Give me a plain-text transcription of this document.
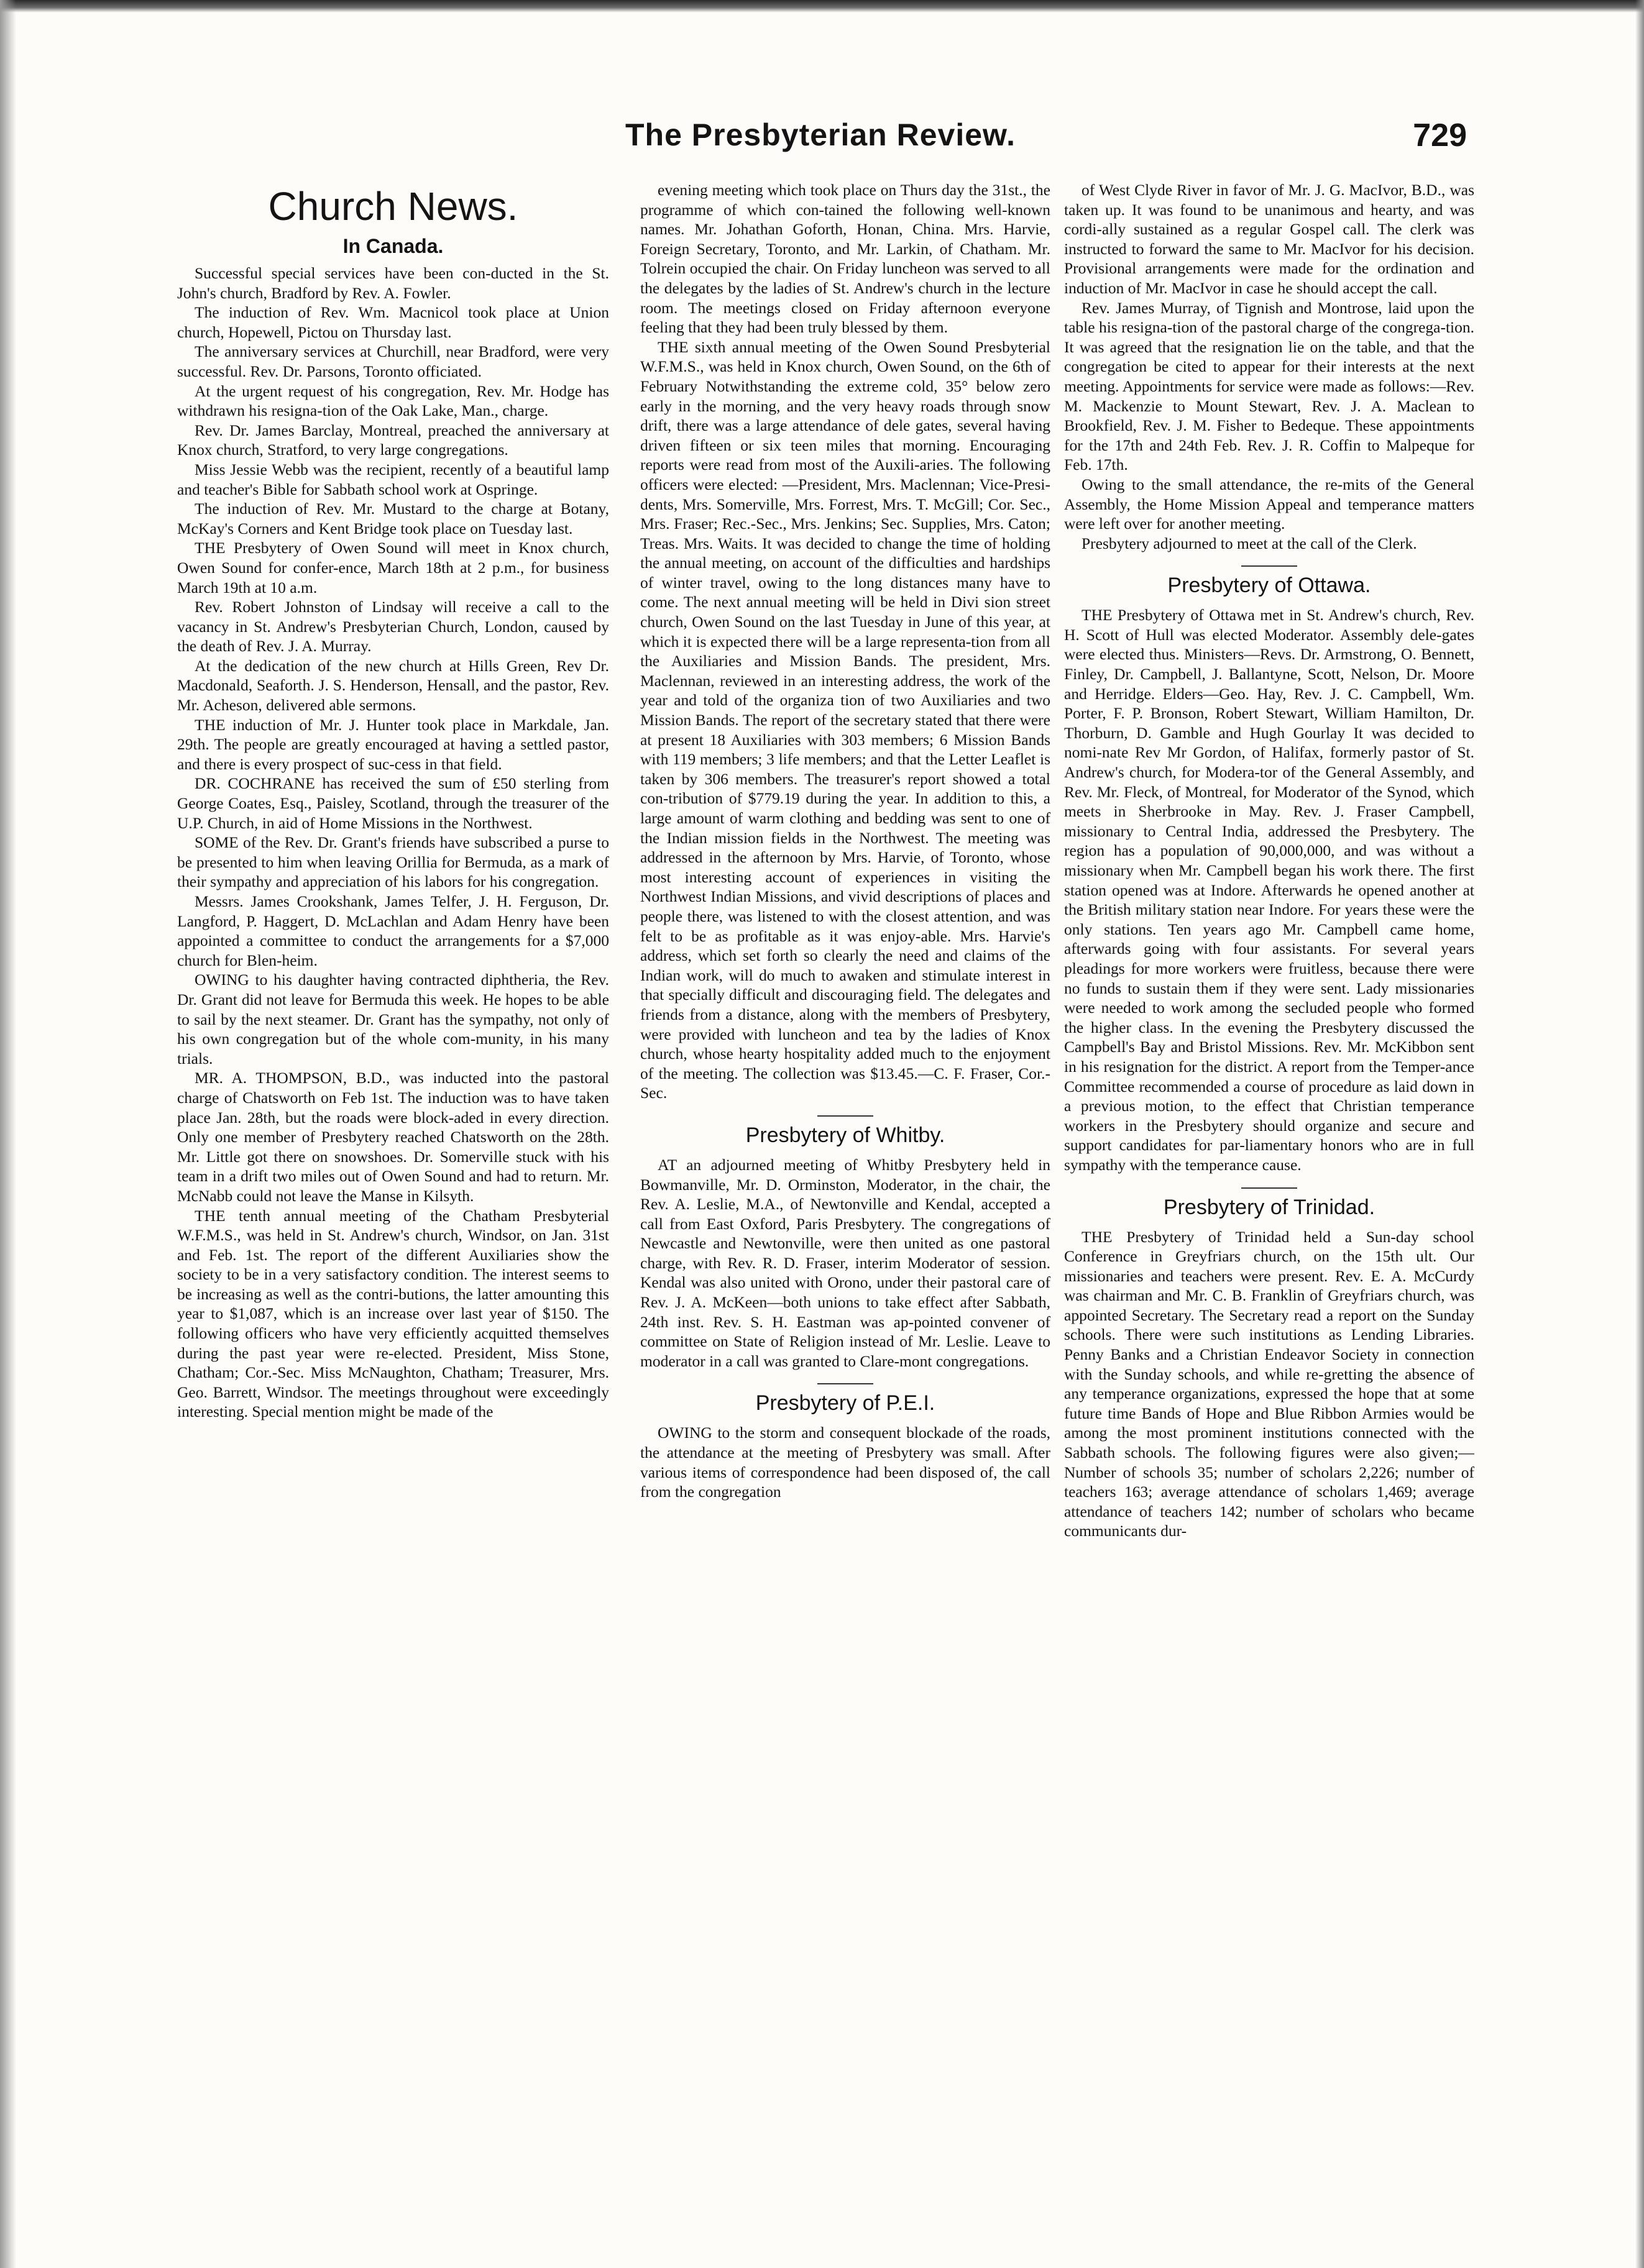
The Presbyterian Review.	729
Church News.
In Canada.

Successful special services have been con-ducted in the St. John's church, Bradford by Rev. A. Fowler.

The induction of Rev. Wm. Macnicol took place at Union church, Hopewell, Pictou on Thursday last.

The anniversary services at Churchill, near Bradford, were very successful. Rev. Dr. Parsons, Toronto officiated.

At the urgent request of his congregation, Rev. Mr. Hodge has withdrawn his resigna-tion of the Oak Lake, Man., charge.

Rev. Dr. James Barclay, Montreal, preached the anniversary at Knox church, Stratford, to very large congregations.

Miss Jessie Webb was the recipient, recently of a beautiful lamp and teacher's Bible for Sabbath school work at Ospringe.

The induction of Rev. Mr. Mustard to the charge at Botany, McKay's Corners and Kent Bridge took place on Tuesday last.

THE Presbytery of Owen Sound will meet in Knox church, Owen Sound for confer-ence, March 18th at 2 p.m., for business March 19th at 10 a.m.

Rev. Robert Johnston of Lindsay will receive a call to the vacancy in St. Andrew's Presbyterian Church, London, caused by the death of Rev. J. A. Murray.

At the dedication of the new church at Hills Green, Rev Dr. Macdonald, Seaforth. J. S. Henderson, Hensall, and the pastor, Rev. Mr. Acheson, delivered able sermons.

THE induction of Mr. J. Hunter took place in Markdale, Jan. 29th. The people are greatly encouraged at having a settled pastor, and there is every prospect of suc-cess in that field.

DR. COCHRANE has received the sum of £50 sterling from George Coates, Esq., Paisley, Scotland, through the treasurer of the U.P. Church, in aid of Home Missions in the Northwest.

SOME of the Rev. Dr. Grant's friends have subscribed a purse to be presented to him when leaving Orillia for Bermuda, as a mark of their sympathy and appreciation of his labors for his congregation.

Messrs. James Crookshank, James Telfer, J. H. Ferguson, Dr. Langford, P. Haggert, D. McLachlan and Adam Henry have been appointed a committee to conduct the arrangements for a $7,000 church for Blen-heim.

OWING to his daughter having contracted diphtheria, the Rev. Dr. Grant did not leave for Bermuda this week. He hopes to be able to sail by the next steamer. Dr. Grant has the sympathy, not only of his own congregation but of the whole com-munity, in his many trials.

MR. A. THOMPSON, B.D., was inducted into the pastoral charge of Chatsworth on Feb 1st. The induction was to have taken place Jan. 28th, but the roads were block-aded in every direction. Only one member of Presbytery reached Chatsworth on the 28th. Mr. Little got there on snowshoes. Dr. Somerville stuck with his team in a drift two miles out of Owen Sound and had to return. Mr. McNabb could not leave the Manse in Kilsyth.

THE tenth annual meeting of the Chatham Presbyterial W.F.M.S., was held in St. Andrew's church, Windsor, on Jan. 31st and Feb. 1st. The report of the different Auxiliaries show the society to be in a very satisfactory condition. The interest seems to be increasing as well as the contri-butions, the latter amounting this year to $1,087, which is an increase over last year of $150. The following officers who have very efficiently acquitted themselves during the past year were re-elected. President, Miss Stone, Chatham; Cor.-Sec. Miss McNaughton, Chatham; Treasurer, Mrs. Geo. Barrett, Windsor. The meetings throughout were exceedingly interesting. Special mention might be made of the

evening meeting which took place on Thurs day the 31st., the programme of which con-tained the following well-known names. Mr. Johathan Goforth, Honan, China. Mrs. Harvie, Foreign Secretary, Toronto, and Mr. Larkin, of Chatham. Mr. Tolrein occupied the chair. On Friday luncheon was served to all the delegates by the ladies of St. Andrew's church in the lecture room. The meetings closed on Friday afternoon everyone feeling that they had been truly blessed by them.

THE sixth annual meeting of the Owen Sound Presbyterial W.F.M.S., was held in Knox church, Owen Sound, on the 6th of February Notwithstanding the extreme cold, 35° below zero early in the morning, and the very heavy roads through snow drift, there was a large attendance of dele gates, several having driven fifteen or six teen miles that morning. Encouraging reports were read from most of the Auxili-aries. The following officers were elected: —President, Mrs. Maclennan; Vice-Presi-dents, Mrs. Somerville, Mrs. Forrest, Mrs. T. McGill; Cor. Sec., Mrs. Fraser; Rec.-Sec., Mrs. Jenkins; Sec. Supplies, Mrs. Caton; Treas. Mrs. Waits. It was decided to change the time of holding the annual meeting, on account of the difficulties and hardships of winter travel, owing to the long distances many have to come. The next annual meeting will be held in Divi sion street church, Owen Sound on the last Tuesday in June of this year, at which it is expected there will be a large representa-tion from all the Auxiliaries and Mission Bands. The president, Mrs. Maclennan, reviewed in an interesting address, the work of the year and told of the organiza tion of two Auxiliaries and two Mission Bands. The report of the secretary stated that there were at present 18 Auxiliaries with 303 members; 6 Mission Bands with 119 members; 3 life members; and that the Letter Leaflet is taken by 306 members. The treasurer's report showed a total con-tribution of $779.19 during the year. In addition to this, a large amount of warm clothing and bedding was sent to one of the Indian mission fields in the Northwest. The meeting was addressed in the afternoon by Mrs. Harvie, of Toronto, whose most interesting account of experiences in visiting the Northwest Indian Missions, and vivid descriptions of places and people there, was listened to with the closest attention, and was felt to be as profitable as it was enjoy-able. Mrs. Harvie's address, which set forth so clearly the need and claims of the Indian work, will do much to awaken and stimulate interest in that specially difficult and discouraging field. The delegates and friends from a distance, along with the members of Presbytery, were provided with luncheon and tea by the ladies of Knox church, whose hearty hospitality added much to the enjoyment of the meeting. The collection was $13.45.—C. F. Fraser, Cor.-Sec.

Presbytery of Whitby.

AT an adjourned meeting of Whitby Presbytery held in Bowmanville, Mr. D. Orminston, Moderator, in the chair, the Rev. A. Leslie, M.A., of Newtonville and Kendal, accepted a call from East Oxford, Paris Presbytery. The congregations of Newcastle and Newtonville, were then united as one pastoral charge, with Rev. R. D. Fraser, interim Moderator of session. Kendal was also united with Orono, under their pastoral care of Rev. J. A. McKeen—both unions to take effect after Sabbath, 24th inst. Rev. S. H. Eastman was ap-pointed convener of committee on State of Religion instead of Mr. Leslie. Leave to moderator in a call was granted to Clare-mont congregations.

Presbytery of P.E.I.

OWING to the storm and consequent blockade of the roads, the attendance at the meeting of Presbytery was small. After various items of correspondence had been disposed of, the call from the congregation

of West Clyde River in favor of Mr. J. G. MacIvor, B.D., was taken up. It was found to be unanimous and hearty, and was cordi-ally sustained as a regular Gospel call. The clerk was instructed to forward the same to Mr. MacIvor for his decision. Provisional arrangements were made for the ordination and induction of Mr. MacIvor in case he should accept the call.

Rev. James Murray, of Tignish and Montrose, laid upon the table his resigna-tion of the pastoral charge of the congrega-tion. It was agreed that the resignation lie on the table, and that the congregation be cited to appear for their interests at the next meeting. Appointments for service were made as follows:—Rev. M. Mackenzie to Mount Stewart, Rev. J. A. Maclean to Brookfield, Rev. J. M. Fisher to Bedeque. These appointments for the 17th and 24th Feb. Rev. J. R. Coffin to Malpeque for Feb. 17th.

Owing to the small attendance, the re-mits of the General Assembly, the Home Mission Appeal and temperance matters were left over for another meeting.

Presbytery adjourned to meet at the call of the Clerk.

Presbytery of Ottawa.

THE Presbytery of Ottawa met in St. Andrew's church, Rev. H. Scott of Hull was elected Moderator. Assembly dele-gates were elected thus. Ministers—Revs. Dr. Armstrong, O. Bennett, Finley, Dr. Campbell, J. Ballantyne, Scott, Nelson, Dr. Moore and Herridge. Elders—Geo. Hay, Rev. J. C. Campbell, Wm. Porter, F. P. Bronson, Robert Stewart, William Hamilton, Dr. Thorburn, D. Gamble and Hugh Gourlay It was decided to nomi-nate Rev Mr Gordon, of Halifax, formerly pastor of St. Andrew's church, for Modera-tor of the General Assembly, and Rev. Mr. Fleck, of Montreal, for Moderator of the Synod, which meets in Sherbrooke in May. Rev. J. Fraser Campbell, missionary to Central India, addressed the Presbytery. The region has a population of 90,000,000, and was without a missionary when Mr. Campbell began his work there. The first station opened was at Indore. Afterwards he opened another at the British military station near Indore. For years these were the only stations. Ten years ago Mr. Campbell came home, afterwards going with four assistants. For several years pleadings for more workers were fruitless, because there were no funds to sustain them if they were sent. Lady missionaries were needed to work among the secluded people who formed the higher class. In the evening the Presbytery discussed the Campbell's Bay and Bristol Missions. Rev. Mr. McKibbon sent in his resignation for the district. A report from the Temper-ance Committee recommended a course of procedure as laid down in a previous motion, to the effect that Christian temperance workers in the Presbytery should organize and secure and support candidates for par-liamentary honors who are in full sympathy with the temperance cause.

Presbytery of Trinidad.

THE Presbytery of Trinidad held a Sun-day school Conference in Greyfriars church, on the 15th ult. Our missionaries and teachers were present. Rev. E. A. McCurdy was chairman and Mr. C. B. Franklin of Greyfriars church, was appointed Secretary. The Secretary read a report on the Sunday schools. There were such institutions as Lending Libraries. Penny Banks and a Christian Endeavor Society in connection with the Sunday schools, and while re-gretting the absence of any temperance organizations, expressed the hope that at some future time Bands of Hope and Blue Ribbon Armies would be among the most prominent institutions connected with the Sabbath schools. The following figures were also given;—Number of schools 35; number of scholars 2,226; number of teachers 163; average attendance of scholars 1,469; average attendance of teachers 142; number of scholars who became communicants dur-
